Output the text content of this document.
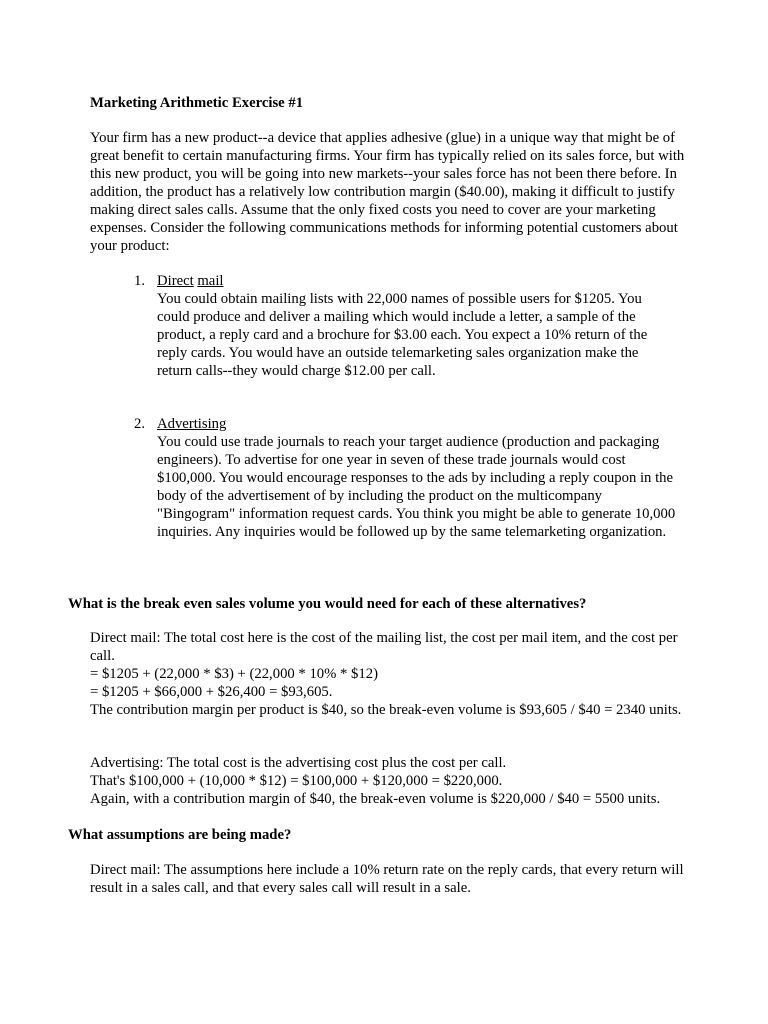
Marketing Arithmetic Exercise #1
Your firm has a new product--a device that applies adhesive (glue) in a unique way that might be of great benefit to certain manufacturing firms. Your firm has typically relied on its sales force, but with this new product, you will be going into new markets--your sales force has not been there before. In addition, the product has a relatively low contribution margin ($40.00), making it difficult to justify making direct sales calls. Assume that the only fixed costs you need to cover are your marketing expenses. Consider the following communications methods for informing potential customers about your product:
1. Direct mail
You could obtain mailing lists with 22,000 names of possible users for $1205. You could produce and deliver a mailing which would include a letter, a sample of the product, a reply card and a brochure for $3.00 each. You expect a 10% return of the reply cards. You would have an outside telemarketing sales organization make the return calls--they would charge $12.00 per call.
2. Advertising
You could use trade journals to reach your target audience (production and packaging engineers). To advertise for one year in seven of these trade journals would cost $100,000. You would encourage responses to the ads by including a reply coupon in the body of the advertisement of by including the product on the multicompany "Bingogram" information request cards. You think you might be able to generate 10,000 inquiries. Any inquiries would be followed up by the same telemarketing organization.
What is the break even sales volume you would need for each of these alternatives?
Direct mail: The total cost here is the cost of the mailing list, the cost per mail item, and the cost per call.
= $1205 + (22,000 * $3) + (22,000 * 10% * $12)
= $1205 + $66,000 + $26,400 = $93,605.
The contribution margin per product is $40, so the break-even volume is $93,605 / $40 = 2340 units.
Advertising: The total cost is the advertising cost plus the cost per call.
That's $100,000 + (10,000 * $12) = $100,000 + $120,000 = $220,000.
Again, with a contribution margin of $40, the break-even volume is $220,000 / $40 = 5500 units.
What assumptions are being made?
Direct mail: The assumptions here include a 10% return rate on the reply cards, that every return will result in a sales call, and that every sales call will result in a sale.
